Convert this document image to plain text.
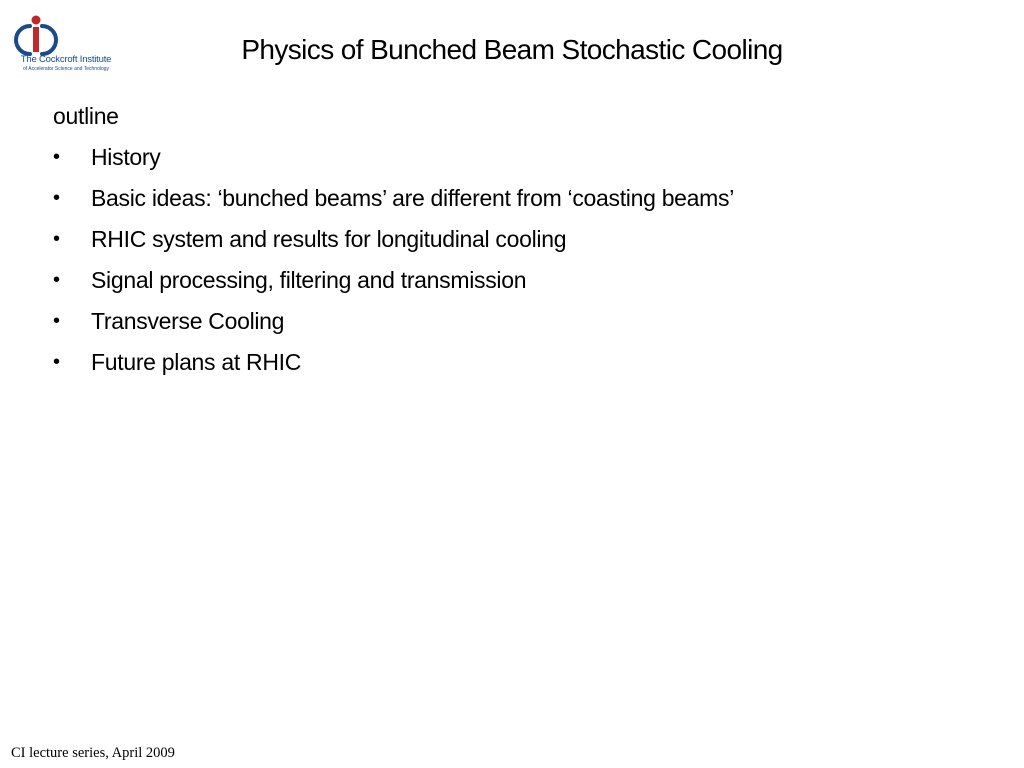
The Cockcroft Institute
of Accelerator Science and Technology
Physics of Bunched Beam Stochastic Cooling
outline
•	History
•	Basic ideas: ‘bunched beams’ are different from ‘coasting beams’
•	RHIC system and results for longitudinal cooling
•	Signal processing, filtering and transmission
•	Transverse Cooling
•	Future plans at RHIC
CI lecture series, April 2009
